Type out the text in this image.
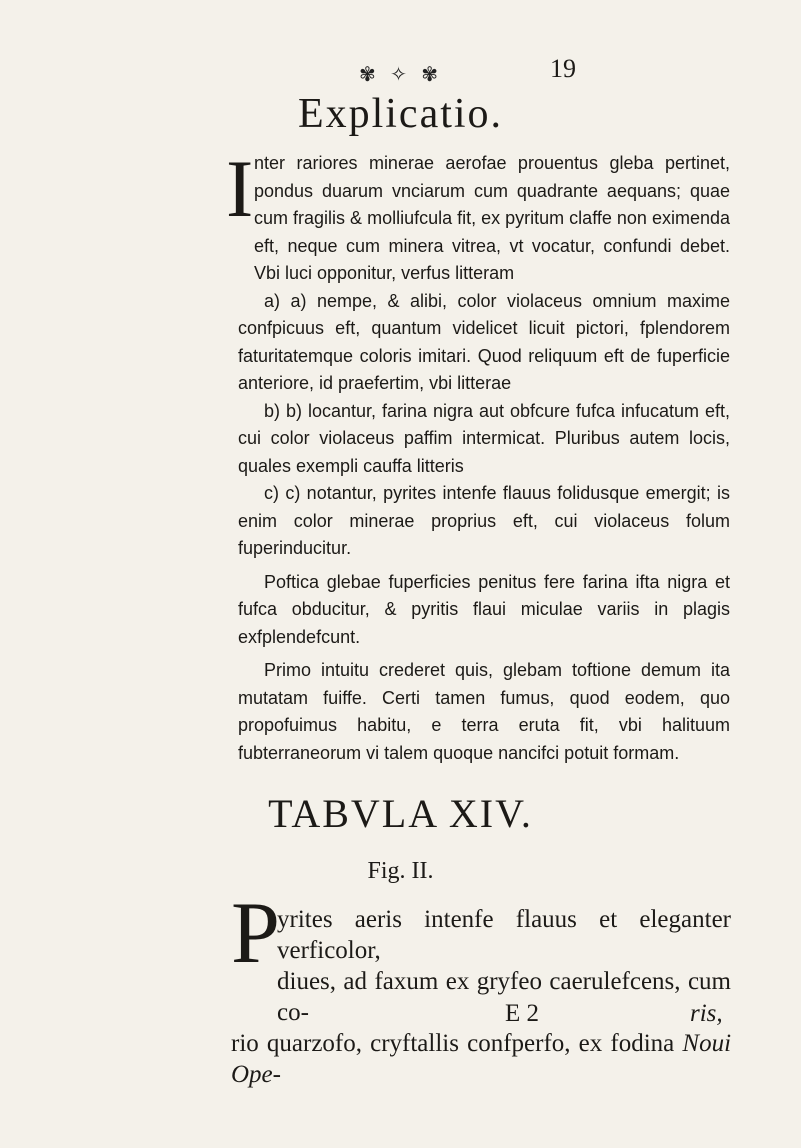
✾ ✧ ✾	19
Explicatio.
I nter rariores minerae aerofae prouentus gleba pertinet, pondus duarum vnciarum cum quadrante aequans; quae cum fragilis & molliufcula fit, ex pyritum claffe non eximenda eft, neque cum minera vitrea, vt vocatur, confundi debet. Vbi luci opponitur, verfus litteram

a) a) nempe, & alibi, color violaceus omnium maxime confpicuus eft, quantum videlicet licuit pictori, fplendorem faturitatemque coloris imitari. Quod reliquum eft de fuperficie anteriore, id praefertim, vbi litterae

b) b) locantur, farina nigra aut obfcure fufca infucatum eft, cui color violaceus paffim intermicat. Pluribus autem locis, quales exempli cauffa litteris

c) c) notantur, pyrites intenfe flauus folidusque emergit; is enim color minerae proprius eft, cui violaceus folum fuperinducitur.

Poftica glebae fuperficies penitus fere farina ifta nigra et fufca obducitur, & pyritis flaui miculae variis in plagis exfplendefcunt.

Primo intuitu crederet quis, glebam toftione demum ita mutatam fuiffe. Certi tamen fumus, quod eodem, quo propofuimus habitu, e terra eruta fit, vbi halituum fubterraneorum vi talem quoque nancifci potuit formam.

TABVLA XIV.
Fig. II.
P
yrites aeris intenfe flauus et eleganter verficolor,
diues, ad faxum ex gryfeo caerulefcens, cum co-
rio quarzofo, cryftallis confperfo, ex fodina Noui Ope-
E 2	ris,
